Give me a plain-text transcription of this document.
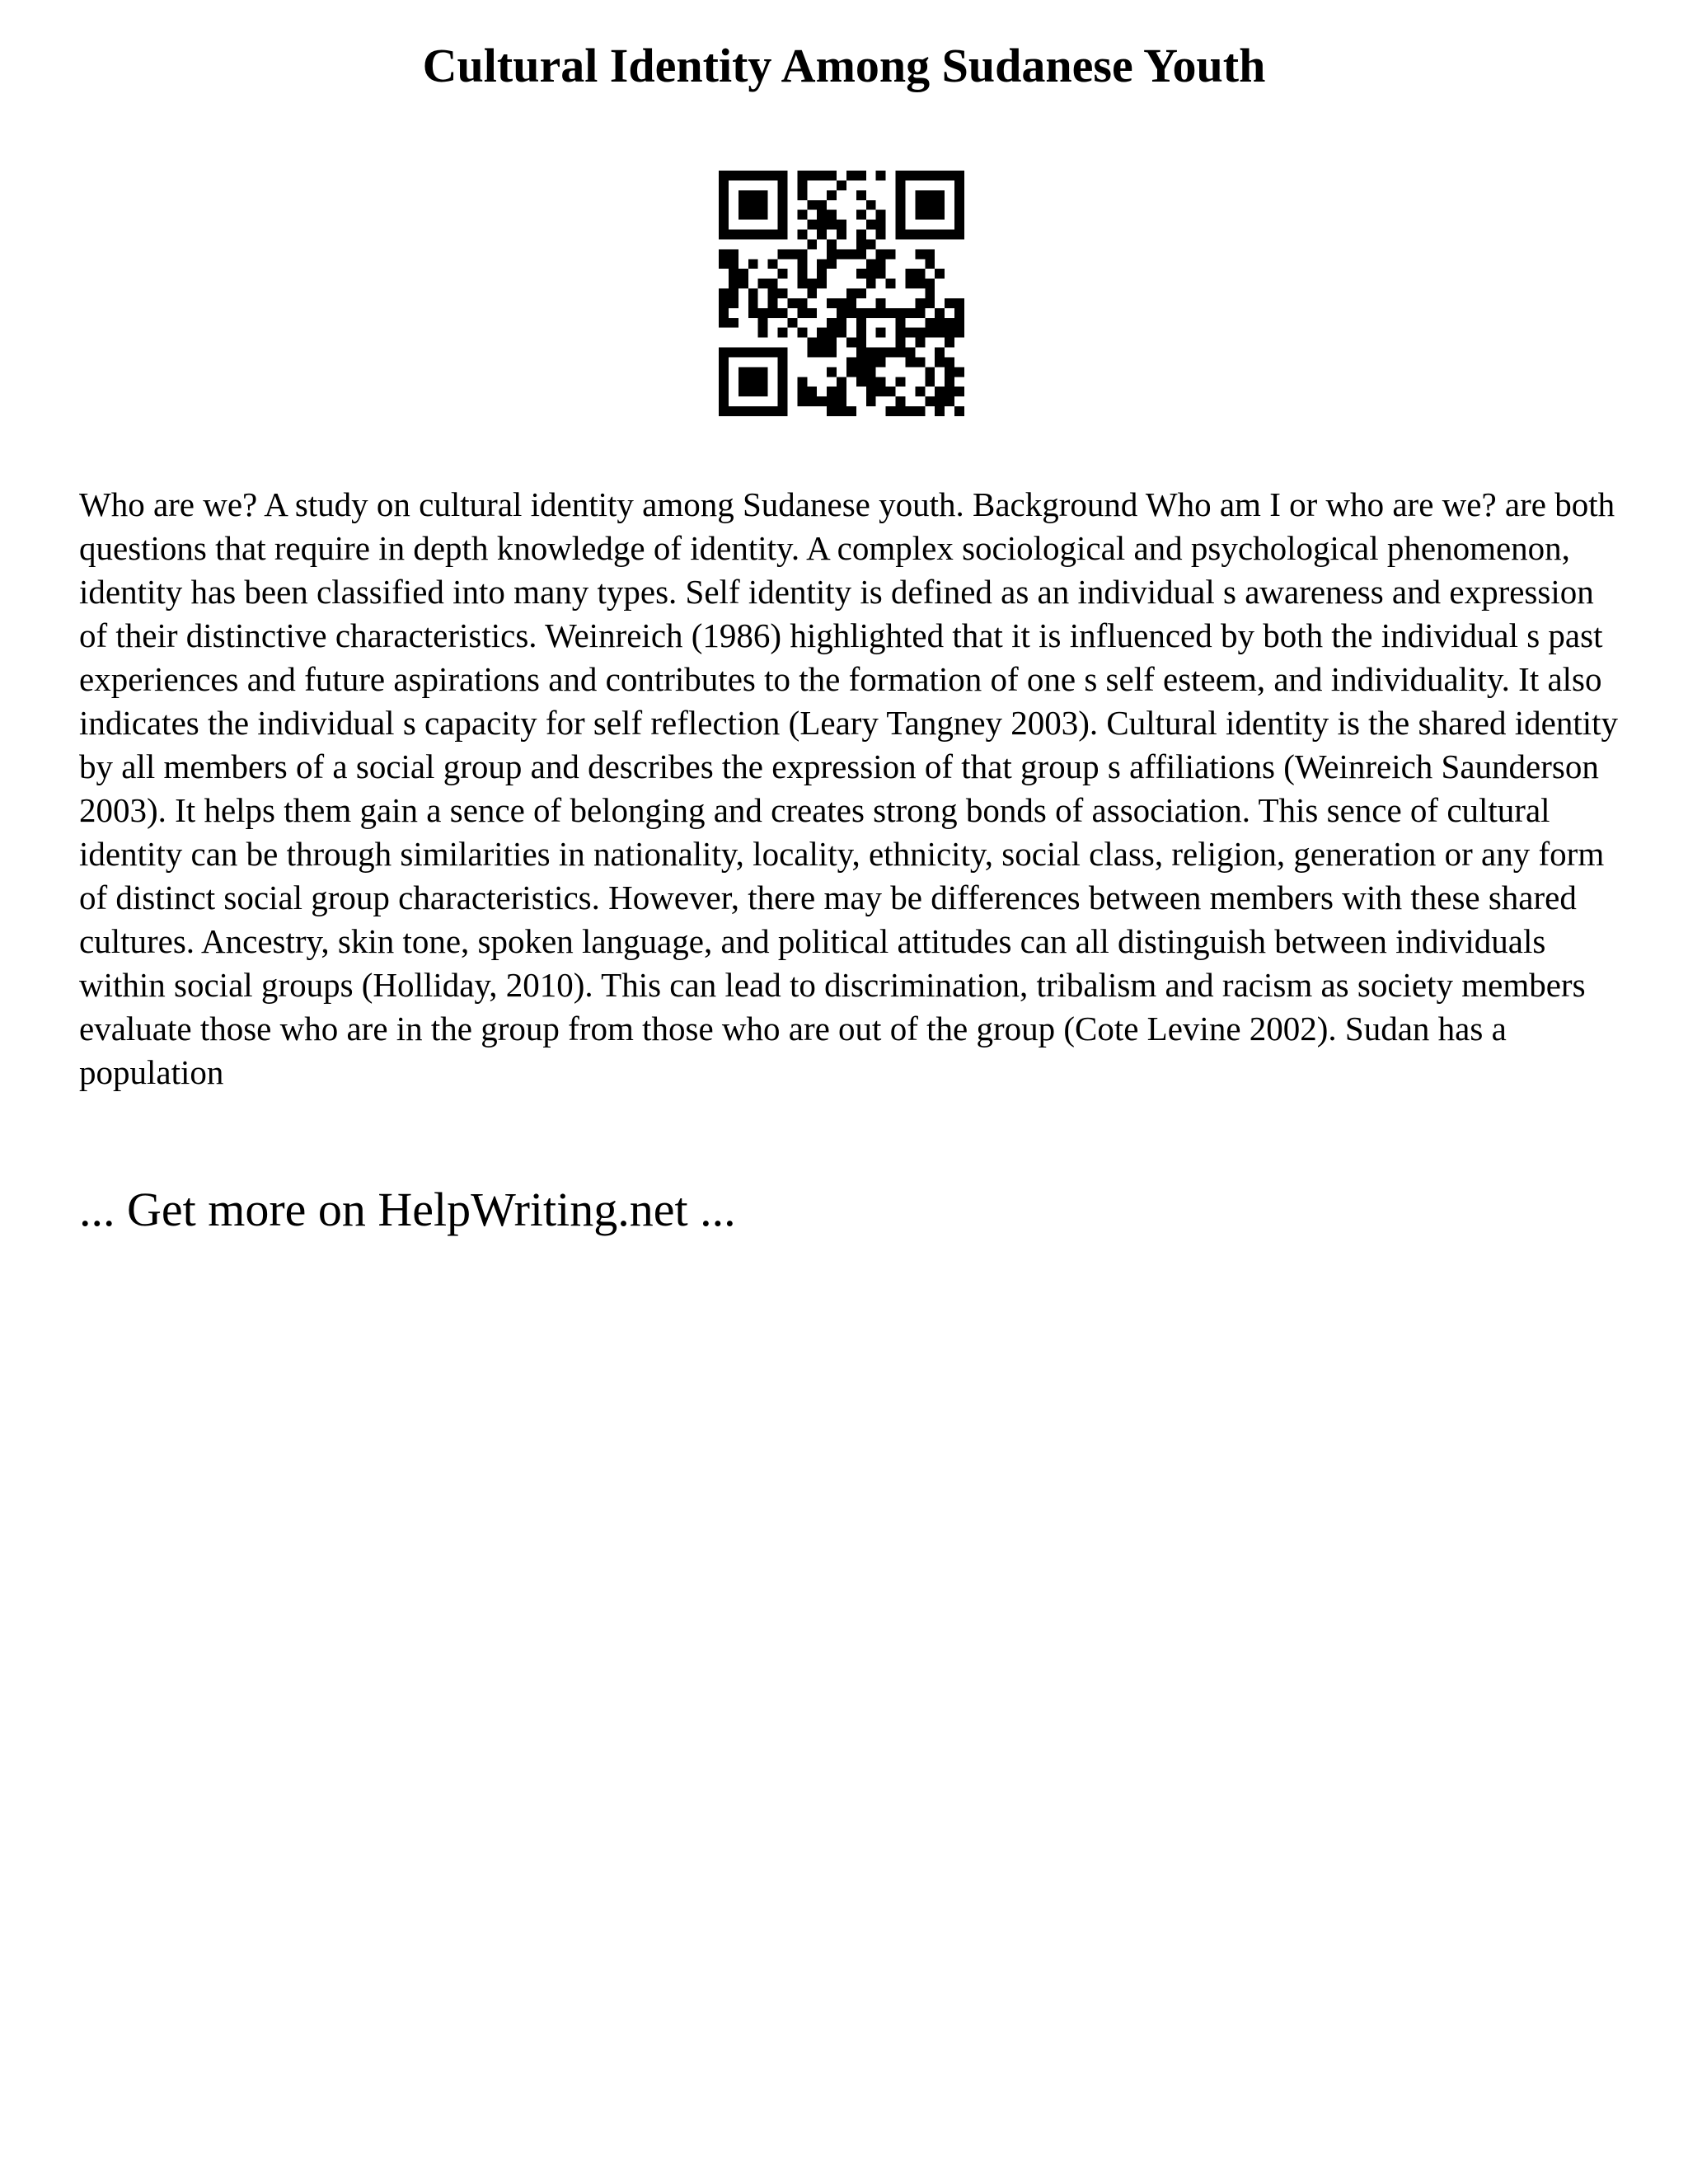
Cultural Identity Among Sudanese Youth

Who are we? A study on cultural identity among Sudanese youth. Background Who am I or who are we? are both questions that require in depth knowledge of identity. A complex sociological and psychological phenomenon, identity has been classified into many types. Self identity is defined as an individual s awareness and expression of their distinctive characteristics. Weinreich (1986) highlighted that it is influenced by both the individual s past experiences and future aspirations and contributes to the formation of one s self esteem, and individuality. It also indicates the individual s capacity for self reflection (Leary Tangney 2003). Cultural identity is the shared identity by all members of a social group and describes the expression of that group s affiliations (Weinreich Saunderson 2003). It helps them gain a sence of belonging and creates strong bonds of association. This sence of cultural identity can be through similarities in nationality, locality, ethnicity, social class, religion, generation or any form of distinct social group characteristics. However, there may be differences between members with these shared cultures. Ancestry, skin tone, spoken language, and political attitudes can all distinguish between individuals within social groups (Holliday, 2010). This can lead to discrimination, tribalism and racism as society members evaluate those who are in the group from those who are out of the group (Cote Levine 2002). Sudan has a population

... Get more on HelpWriting.net ...
